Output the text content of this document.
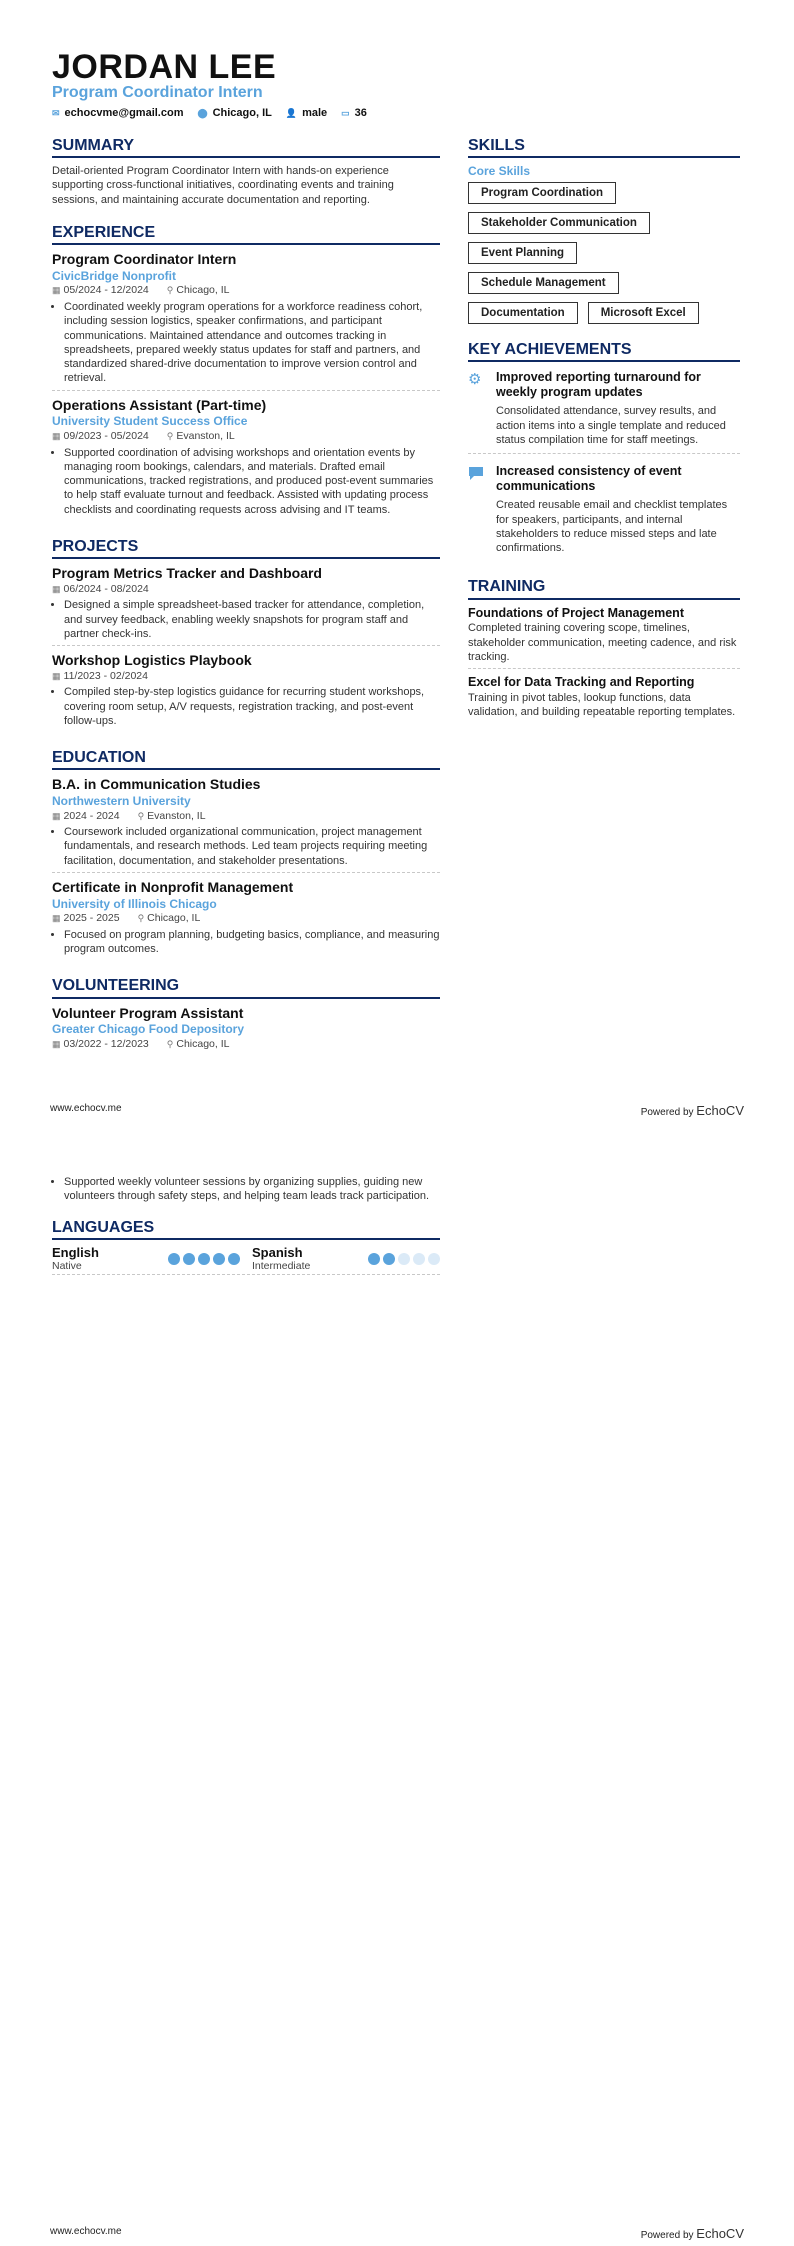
JORDAN LEE
Program Coordinator Intern
✉ echocvme@gmail.com ⬤ Chicago, IL 👤 male ▭ 36
SUMMARY
Detail-oriented Program Coordinator Intern with hands-on experience supporting cross-functional initiatives, coordinating events and training sessions, and maintaining accurate documentation and reporting.
EXPERIENCE
Program Coordinator Intern
CivicBridge Nonprofit
▦ 05/2024 - 12/2024 ⚲ Chicago, IL
• Coordinated weekly program operations for a workforce readiness cohort, including session logistics, speaker confirmations, and participant communications. Maintained attendance and outcomes tracking in spreadsheets, prepared weekly status updates for staff and partners, and standardized shared-drive documentation to improve version control and retrieval.
Operations Assistant (Part-time)
University Student Success Office
▦ 09/2023 - 05/2024 ⚲ Evanston, IL
• Supported coordination of advising workshops and orientation events by managing room bookings, calendars, and materials. Drafted email communications, tracked registrations, and produced post-event summaries to help staff evaluate turnout and feedback. Assisted with updating process checklists and coordinating requests across advising and IT teams.
PROJECTS
Program Metrics Tracker and Dashboard
▦ 06/2024 - 08/2024
• Designed a simple spreadsheet-based tracker for attendance, completion, and survey feedback, enabling weekly snapshots for program staff and partner check-ins.
Workshop Logistics Playbook
▦ 11/2023 - 02/2024
• Compiled step-by-step logistics guidance for recurring student workshops, covering room setup, A/V requests, registration tracking, and post-event follow-ups.
EDUCATION
B.A. in Communication Studies
Northwestern University
▦ 2024 - 2024 ⚲ Evanston, IL
• Coursework included organizational communication, project management fundamentals, and research methods. Led team projects requiring meeting facilitation, documentation, and stakeholder presentations.
Certificate in Nonprofit Management
University of Illinois Chicago
▦ 2025 - 2025 ⚲ Chicago, IL
• Focused on program planning, budgeting basics, compliance, and measuring program outcomes.
VOLUNTEERING
Volunteer Program Assistant
Greater Chicago Food Depository
▦ 03/2022 - 12/2023 ⚲ Chicago, IL
SKILLS
Core Skills
Program Coordination
Stakeholder Communication
Event Planning
Schedule Management
Documentation	Microsoft Excel
KEY ACHIEVEMENTS
⚙	Improved reporting turnaround for weekly program updates
Consolidated attendance, survey results, and action items into a single template and reduced status compilation time for staff meetings.
Increased consistency of event communications
Created reusable email and checklist templates for speakers, participants, and internal stakeholders to reduce missed steps and late confirmations.
TRAINING
Foundations of Project Management
Completed training covering scope, timelines, stakeholder communication, meeting cadence, and risk tracking.
Excel for Data Tracking and Reporting
Training in pivot tables, lookup functions, data validation, and building repeatable reporting templates.
www.echocv.me	Powered by EchoCV
• Supported weekly volunteer sessions by organizing supplies, guiding new volunteers through safety steps, and helping team leads track participation.
LANGUAGES
English
Native
Spanish
Intermediate
www.echocv.me	Powered by EchoCV
